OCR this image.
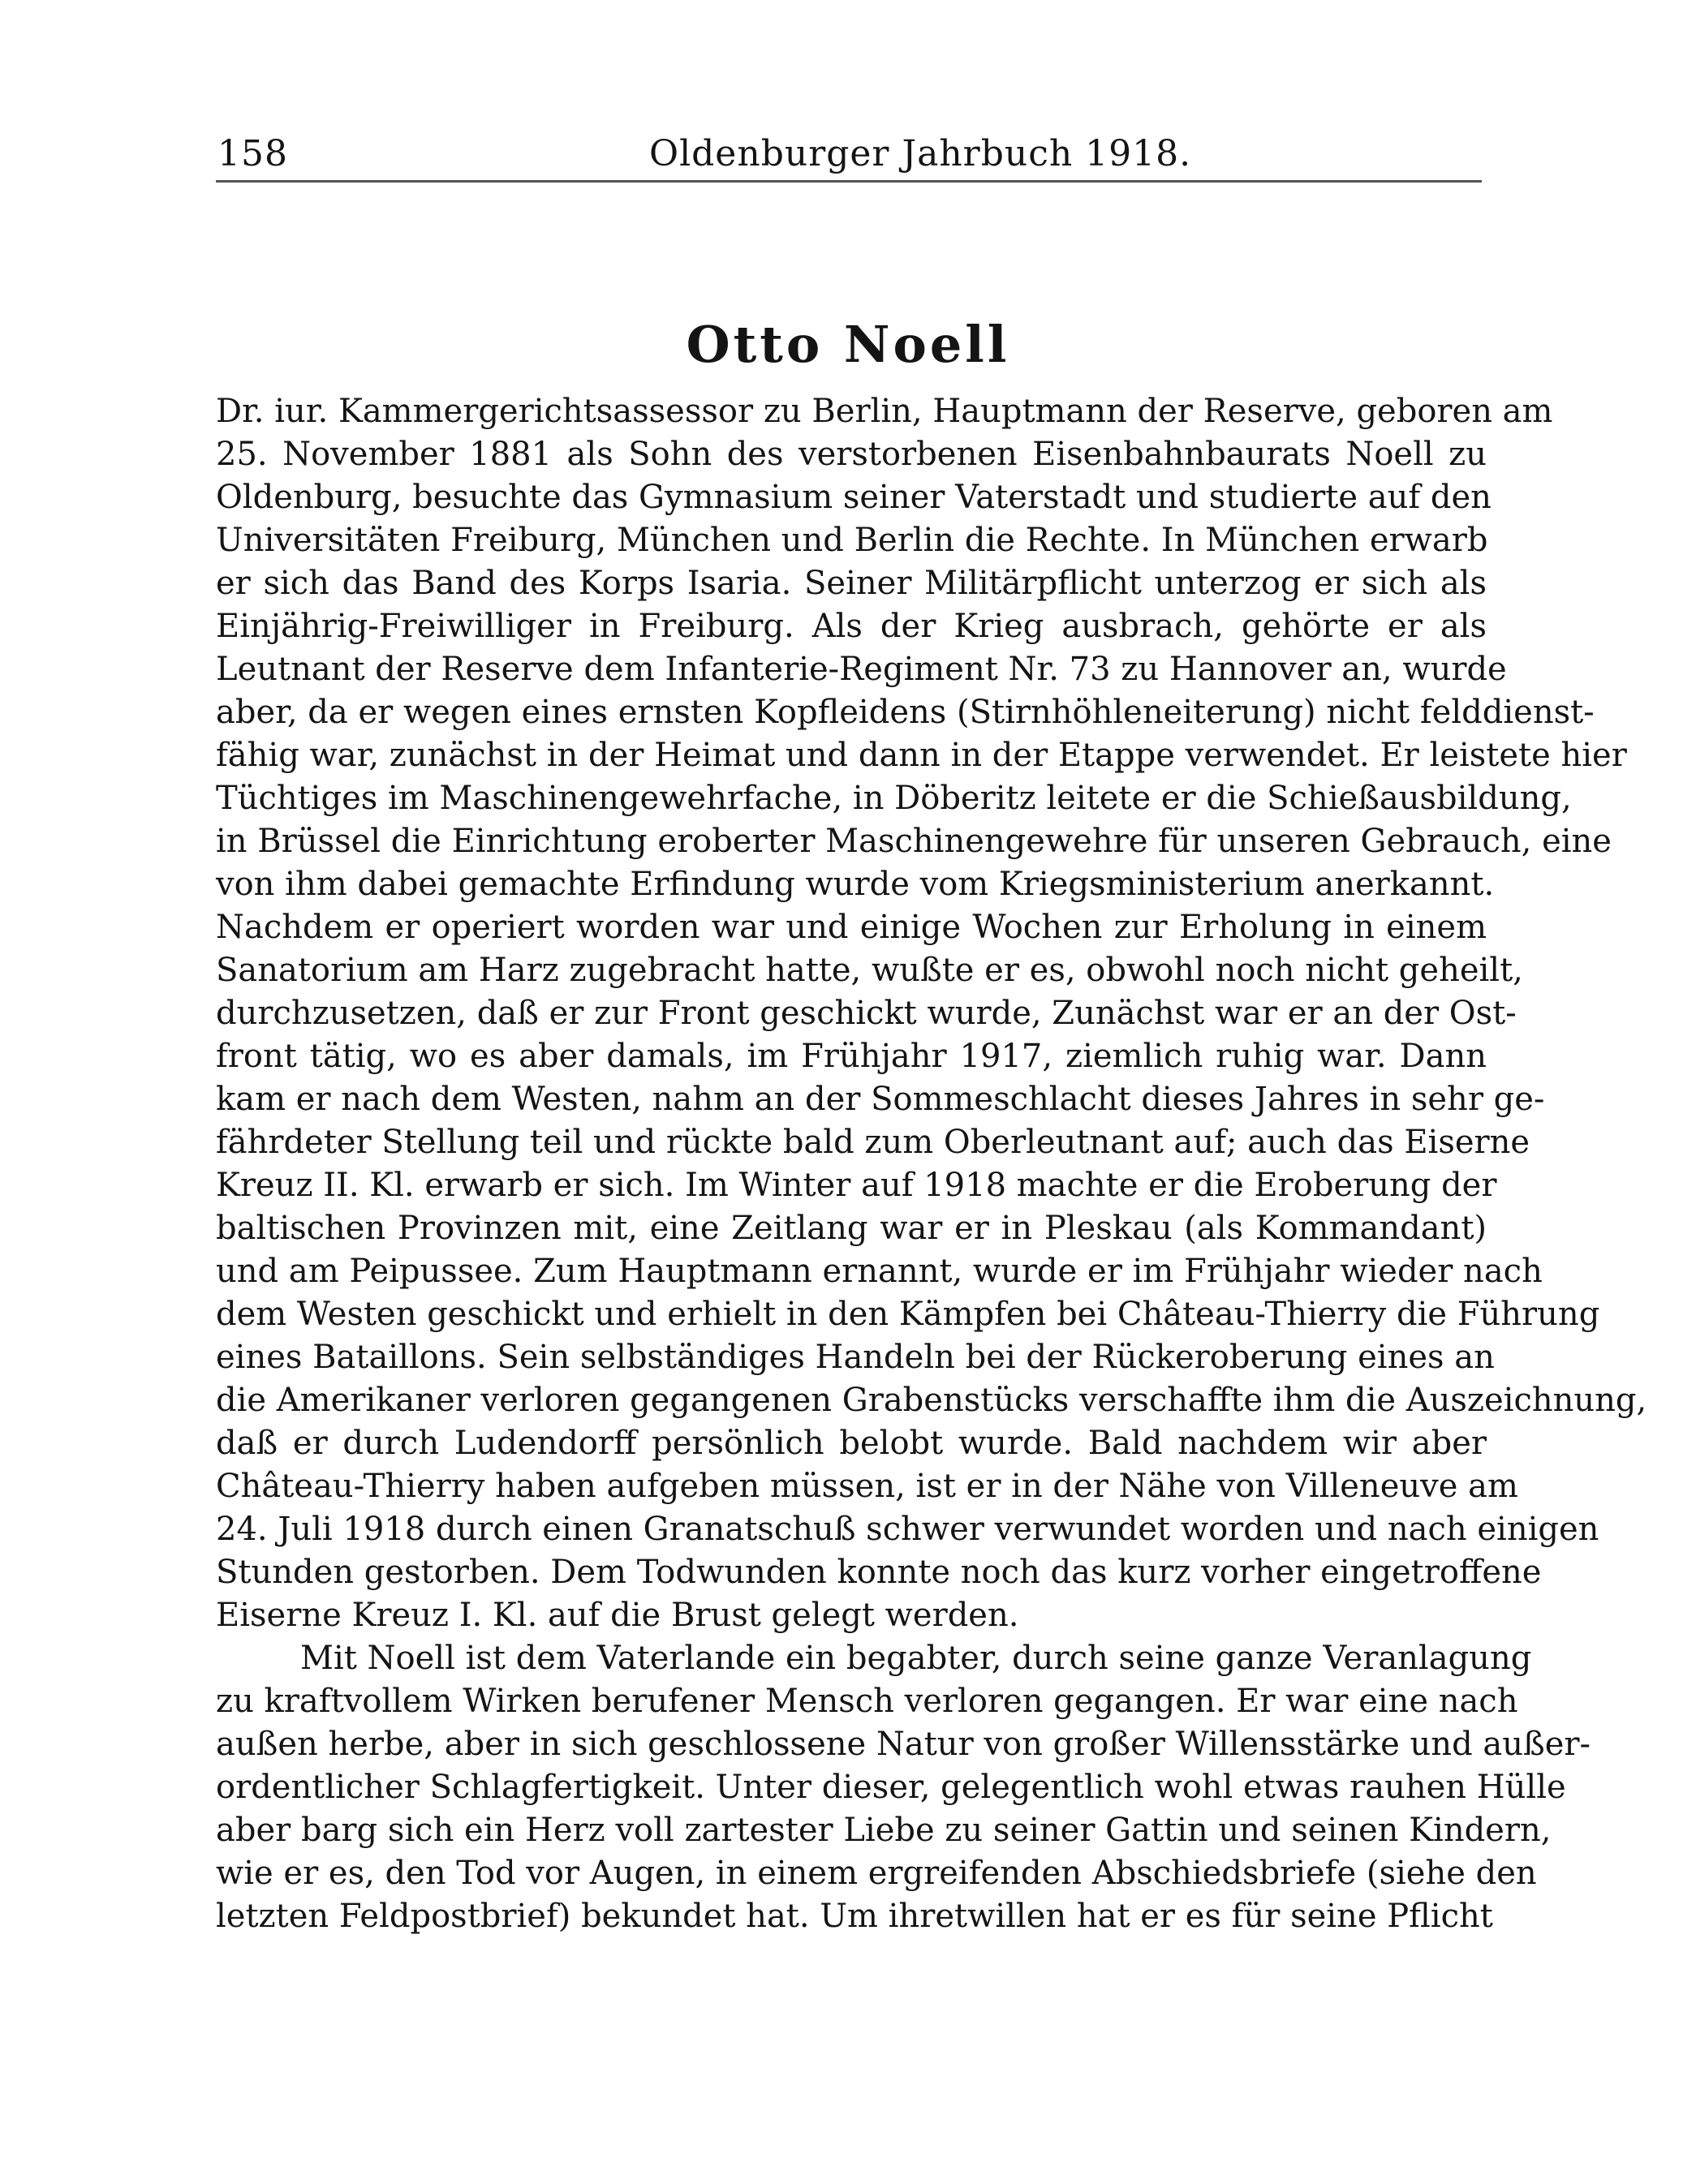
158	Oldenburger Jahrbuch 1918.
Otto Noell
Dr. iur. Kammergerichtsassessor zu Berlin, Hauptmann der Reserve, geboren am
25. November 1881 als Sohn des verstorbenen Eisenbahnbaurats Noell zu
Oldenburg, besuchte das Gymnasium seiner Vaterstadt und studierte auf den
Universitäten Freiburg, München und Berlin die Rechte. In München erwarb
er sich das Band des Korps Isaria. Seiner Militärpflicht unterzog er sich als
Einjährig-Freiwilliger in Freiburg. Als der Krieg ausbrach, gehörte er als
Leutnant der Reserve dem Infanterie-Regiment Nr. 73 zu Hannover an, wurde
aber, da er wegen eines ernsten Kopfleidens (Stirnhöhleneiterung) nicht felddienst-
fähig war, zunächst in der Heimat und dann in der Etappe verwendet. Er leistete hier
Tüchtiges im Maschinengewehrfache, in Döberitz leitete er die Schießausbildung,
in Brüssel die Einrichtung eroberter Maschinengewehre für unseren Gebrauch, eine
von ihm dabei gemachte Erfindung wurde vom Kriegsministerium anerkannt.
Nachdem er operiert worden war und einige Wochen zur Erholung in einem
Sanatorium am Harz zugebracht hatte, wußte er es, obwohl noch nicht geheilt,
durchzusetzen, daß er zur Front geschickt wurde, Zunächst war er an der Ost-
front tätig, wo es aber damals, im Frühjahr 1917, ziemlich ruhig war. Dann
kam er nach dem Westen, nahm an der Sommeschlacht dieses Jahres in sehr ge-
fährdeter Stellung teil und rückte bald zum Oberleutnant auf; auch das Eiserne
Kreuz II. Kl. erwarb er sich. Im Winter auf 1918 machte er die Eroberung der
baltischen Provinzen mit, eine Zeitlang war er in Pleskau (als Kommandant)
und am Peipussee. Zum Hauptmann ernannt, wurde er im Frühjahr wieder nach
dem Westen geschickt und erhielt in den Kämpfen bei Château-Thierry die Führung
eines Bataillons. Sein selbständiges Handeln bei der Rückeroberung eines an
die Amerikaner verloren gegangenen Grabenstücks verschaffte ihm die Auszeichnung,
daß er durch Ludendorff persönlich belobt wurde. Bald nachdem wir aber
Château-Thierry haben aufgeben müssen, ist er in der Nähe von Villeneuve am
24. Juli 1918 durch einen Granatschuß schwer verwundet worden und nach einigen
Stunden gestorben. Dem Todwunden konnte noch das kurz vorher eingetroffene
Eiserne Kreuz I. Kl. auf die Brust gelegt werden.
Mit Noell ist dem Vaterlande ein begabter, durch seine ganze Veranlagung
zu kraftvollem Wirken berufener Mensch verloren gegangen. Er war eine nach
außen herbe, aber in sich geschlossene Natur von großer Willensstärke und außer-
ordentlicher Schlagfertigkeit. Unter dieser, gelegentlich wohl etwas rauhen Hülle
aber barg sich ein Herz voll zartester Liebe zu seiner Gattin und seinen Kindern,
wie er es, den Tod vor Augen, in einem ergreifenden Abschiedsbriefe (siehe den
letzten Feldpostbrief) bekundet hat. Um ihretwillen hat er es für seine Pflicht
